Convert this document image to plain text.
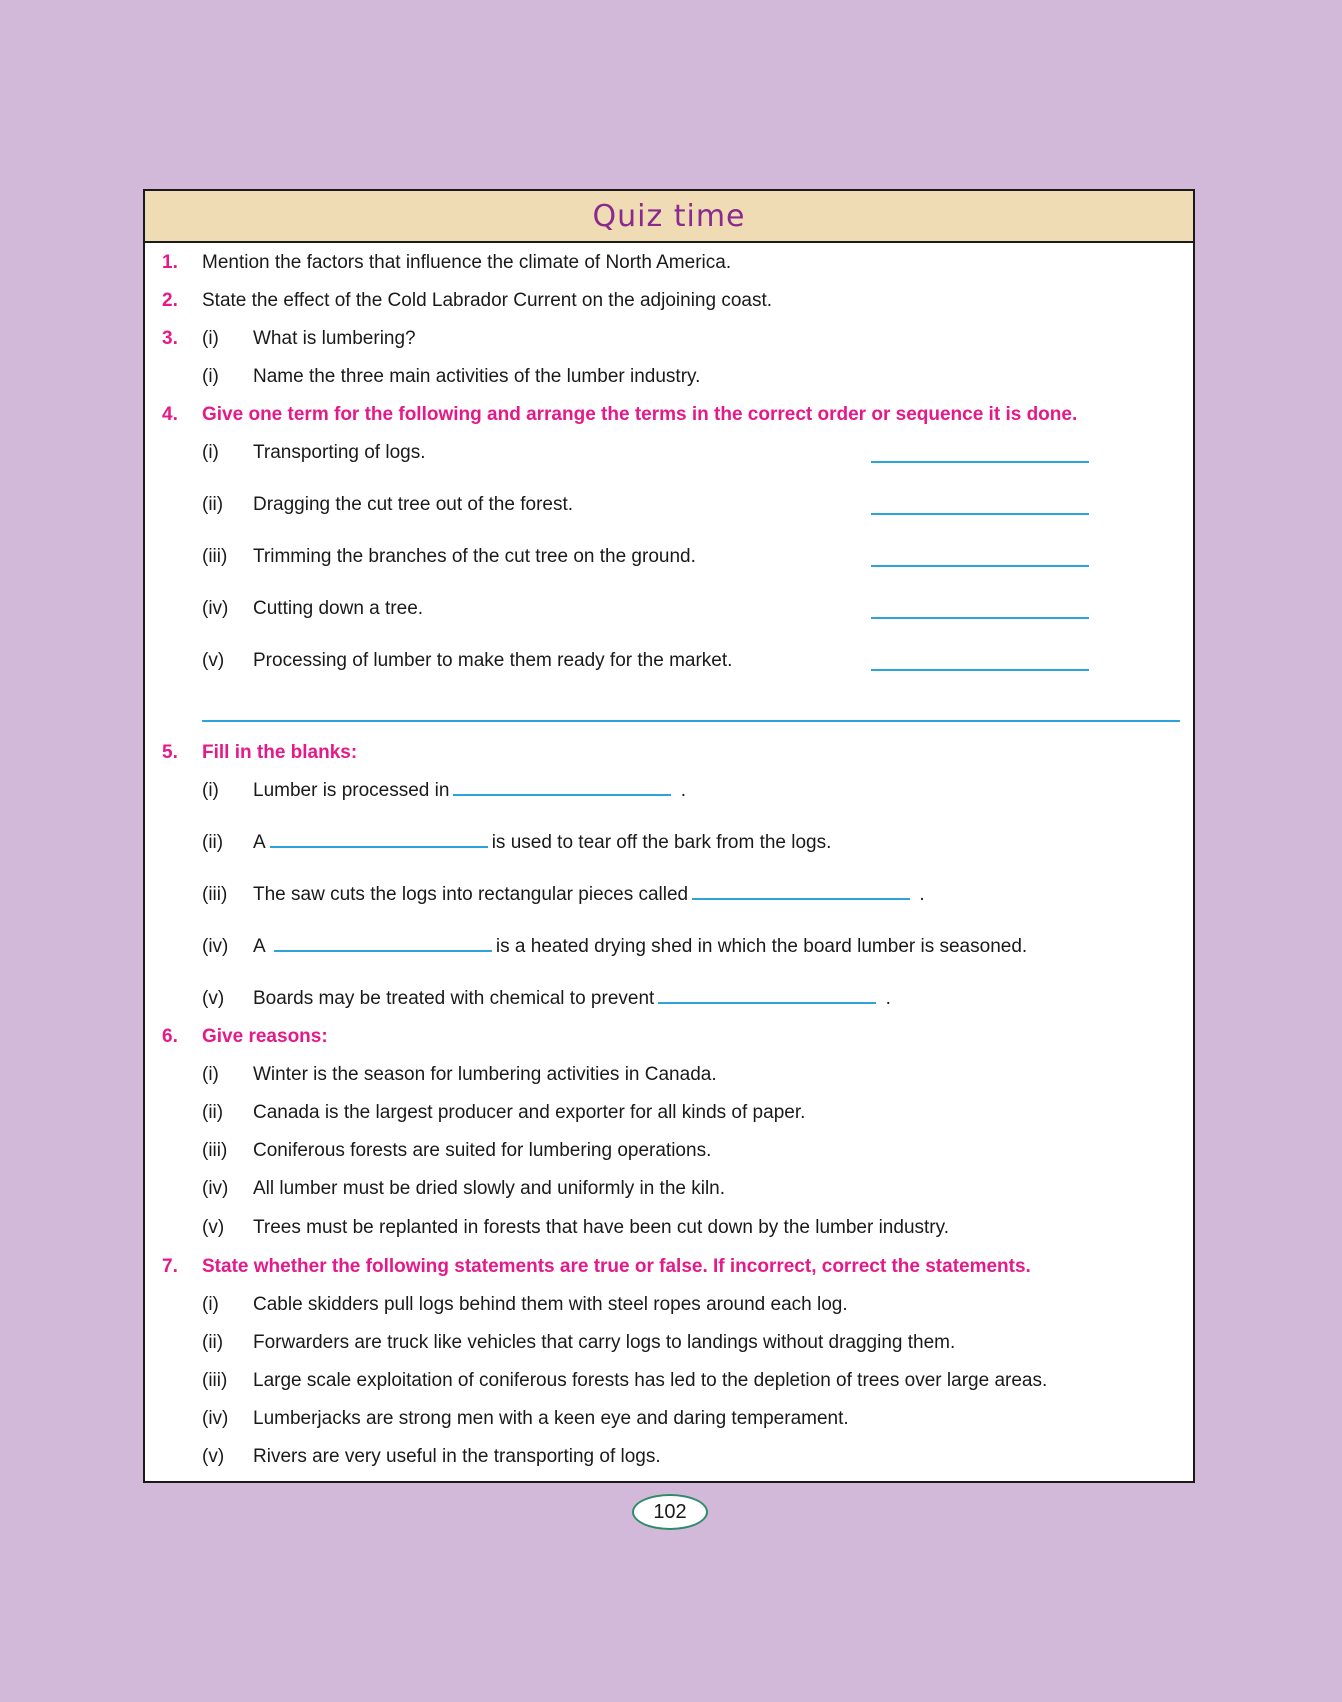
Quiz time
1. Mention the factors that influence the climate of North America.
2. State the effect of the Cold Labrador Current on the adjoining coast.
3. (i) What is lumbering?
(i) Name the three main activities of the lumber industry.
4. Give one term for the following and arrange the terms in the correct order or sequence it is done.
(i) Transporting of logs.
(ii) Dragging the cut tree out of the forest.
(iii) Trimming the branches of the cut tree on the ground.
(iv) Cutting down a tree.
(v) Processing of lumber to make them ready for the market.
5. Fill in the blanks:
(i) Lumber is processed in	.
(ii) A	is used to tear off the bark from the logs.
(iii) The saw cuts the logs into rectangular pieces called	.
(iv) A	is a heated drying shed in which the board lumber is seasoned.
(v) Boards may be treated with chemical to prevent	.
6. Give reasons:
(i) Winter is the season for lumbering activities in Canada.
(ii) Canada is the largest producer and exporter for all kinds of paper.
(iii) Coniferous forests are suited for lumbering operations.
(iv) All lumber must be dried slowly and uniformly in the kiln.
(v) Trees must be replanted in forests that have been cut down by the lumber industry.
7. State whether the following statements are true or false. If incorrect, correct the statements.
(i) Cable skidders pull logs behind them with steel ropes around each log.
(ii) Forwarders are truck like vehicles that carry logs to landings without dragging them.
(iii) Large scale exploitation of coniferous forests has led to the depletion of trees over large areas.
(iv) Lumberjacks are strong men with a keen eye and daring temperament.
(v) Rivers are very useful in the transporting of logs.
102
